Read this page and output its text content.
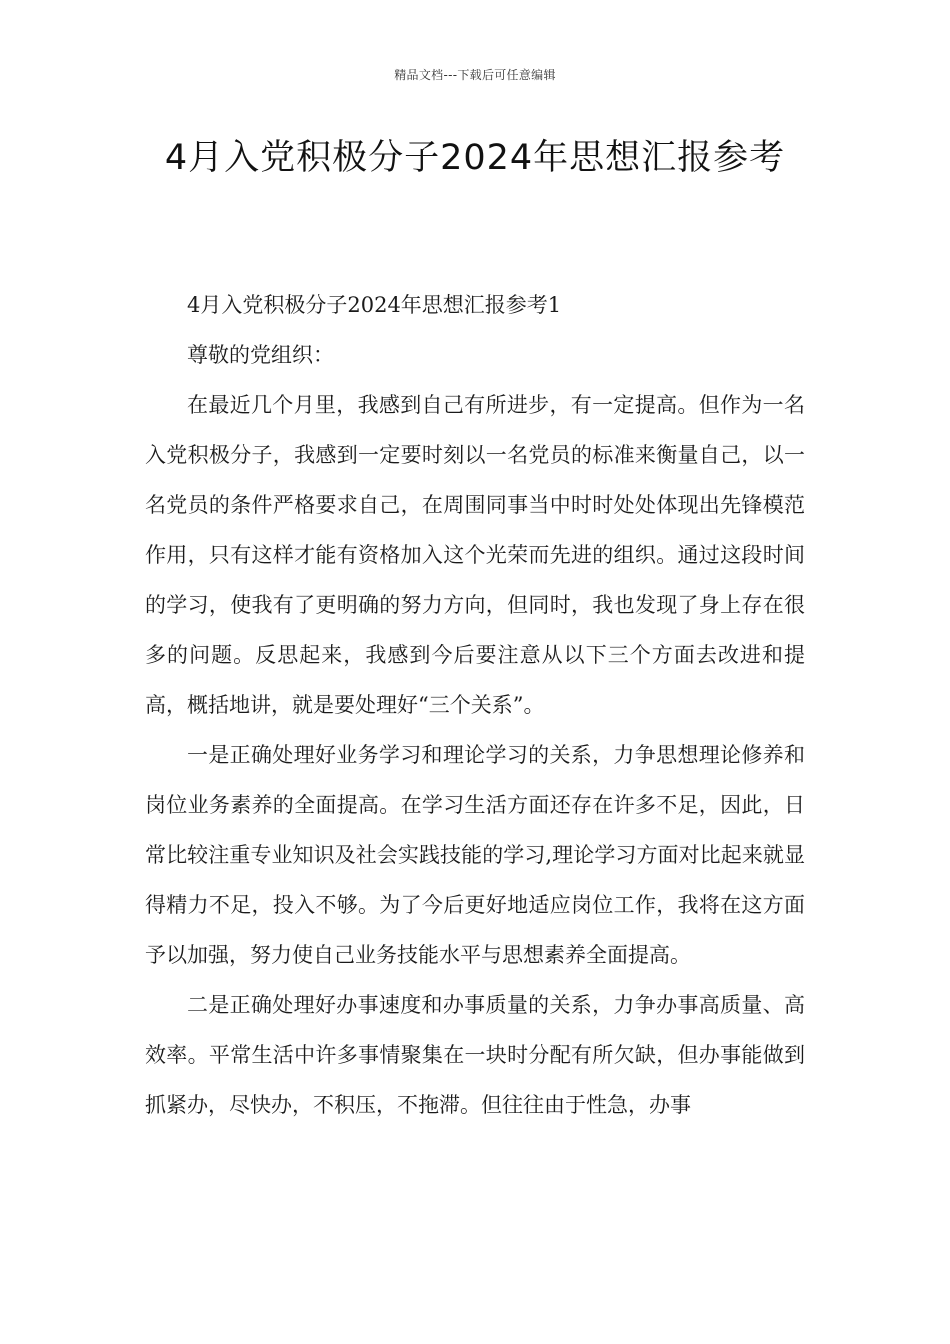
精品文档---下载后可任意编辑
4月入党积极分子2024年思想汇报参考

4月入党积极分子2024年思想汇报参考1

尊敬的党组织：

在最近几个月里，我感到自己有所进步，有一定提高。但作为一名入党积极分子，我感到一定要时刻以一名党员的标准来衡量自己，以一名党员的条件严格要求自己，在周围同事当中时时处处体现出先锋模范作用，只有这样才能有资格加入这个光荣而先进的组织。通过这段时间的学习，使我有了更明确的努力方向，但同时，我也发现了身上存在很多的问题。反思起来，我感到今后要注意从以下三个方面去改进和提高，概括地讲，就是要处理好“三个关系”。

一是正确处理好业务学习和理论学习的关系，力争思想理论修养和岗位业务素养的全面提高。在学习生活方面还存在许多不足，因此，日常比较注重专业知识及社会实践技能的学习,理论学习方面对比起来就显得精力不足，投入不够。为了今后更好地适应岗位工作，我将在这方面予以加强，努力使自己业务技能水平与思想素养全面提高。

二是正确处理好办事速度和办事质量的关系，力争办事高质量、高效率。平常生活中许多事情聚集在一块时分配有所欠缺，但办事能做到抓紧办，尽快办，不积压，不拖滞。但往往由于性急，办事
